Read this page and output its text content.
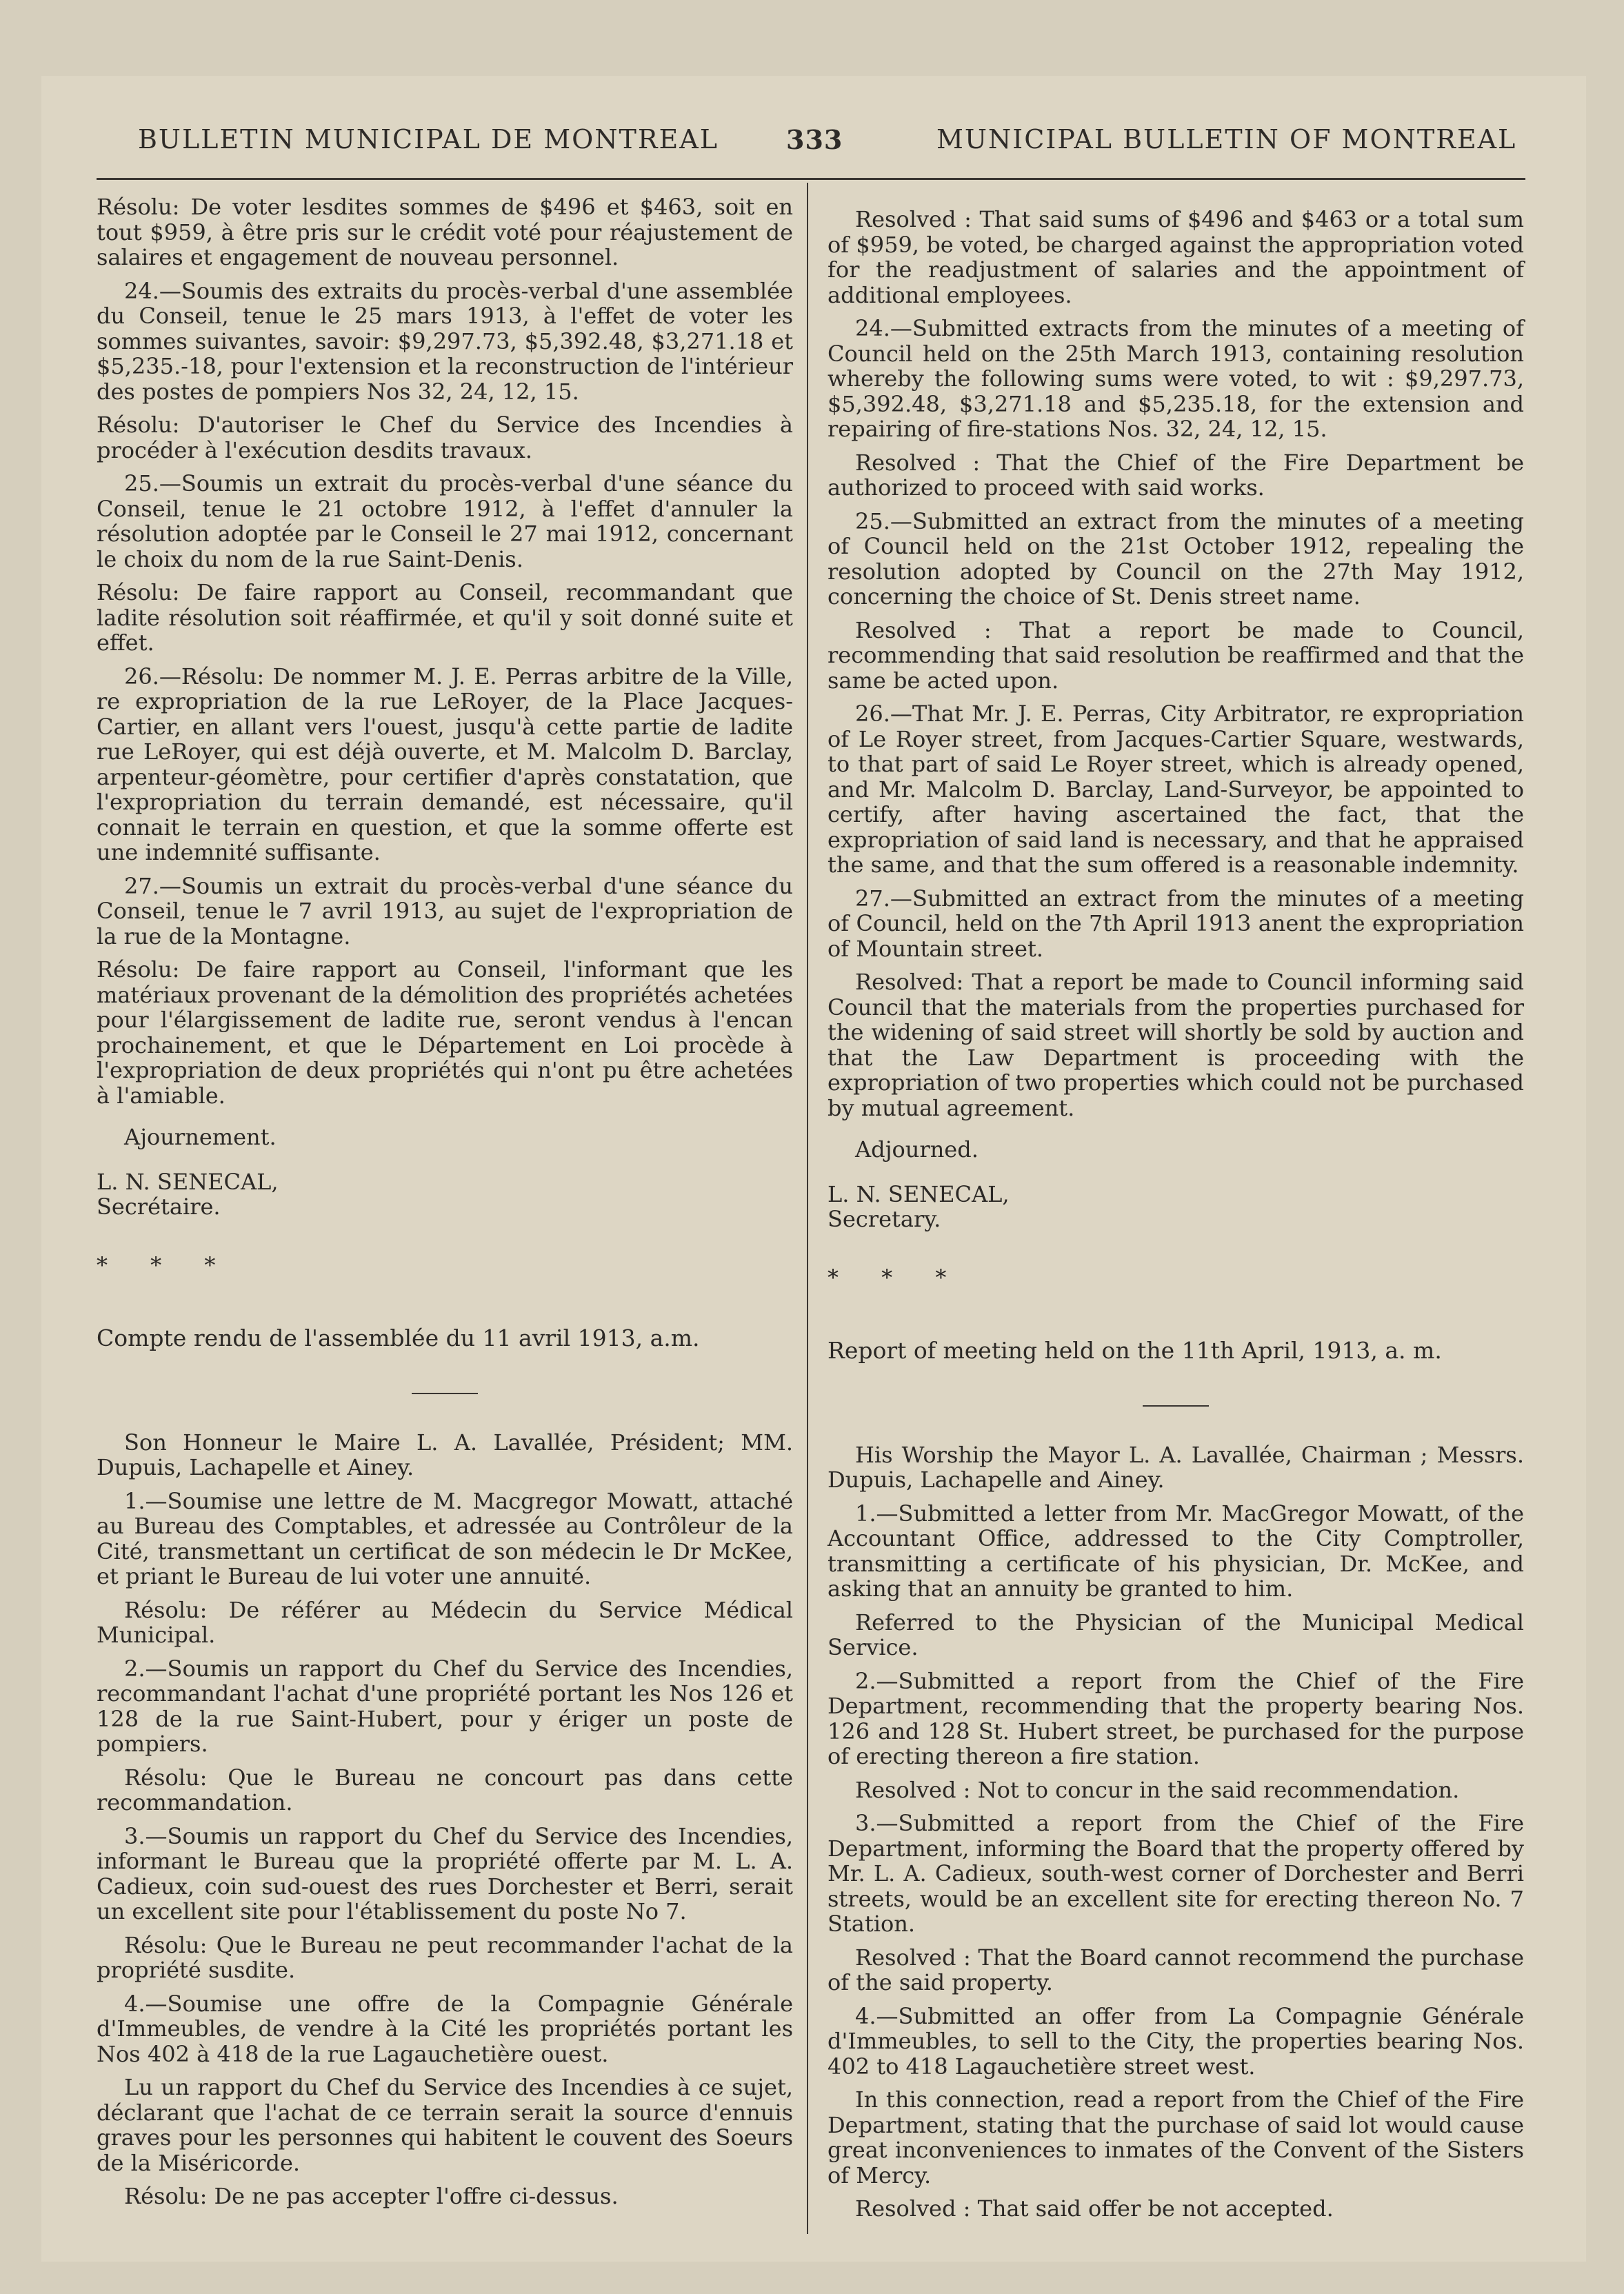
BULLETIN MUNICIPAL DE MONTREAL	333	MUNICIPAL BULLETIN OF MONTREAL

Résolu: De voter lesdites sommes de $496 et $463, soit en tout $959, à être pris sur le crédit voté pour réajustement de salaires et engagement de nouveau personnel.

24.—Soumis des extraits du procès-verbal d'une assemblée du Conseil, tenue le 25 mars 1913, à l'effet de voter les sommes suivantes, savoir: $9,297.73, $5,392.48, $3,271.18 et $5,235.-18, pour l'extension et la reconstruction de l'intérieur des postes de pompiers Nos 32, 24, 12, 15.

Résolu: D'autoriser le Chef du Service des Incendies à procéder à l'exécution desdits travaux.

25.—Soumis un extrait du procès-verbal d'une séance du Conseil, tenue le 21 octobre 1912, à l'effet d'annuler la résolution adoptée par le Conseil le 27 mai 1912, concernant le choix du nom de la rue Saint-Denis.

Résolu: De faire rapport au Conseil, recommandant que ladite résolution soit réaffirmée, et qu'il y soit donné suite et effet.

26.—Résolu: De nommer M. J. E. Perras arbitre de la Ville, re expropriation de la rue LeRoyer, de la Place Jacques-Cartier, en allant vers l'ouest, jusqu'à cette partie de ladite rue LeRoyer, qui est déjà ouverte, et M. Malcolm D. Barclay, arpenteur-géomètre, pour certifier d'après constatation, que l'expropriation du terrain demandé, est nécessaire, qu'il connait le terrain en question, et que la somme offerte est une indemnité suffisante.

27.—Soumis un extrait du procès-verbal d'une séance du Conseil, tenue le 7 avril 1913, au sujet de l'expropriation de la rue de la Montagne.

Résolu: De faire rapport au Conseil, l'informant que les matériaux provenant de la démolition des propriétés achetées pour l'élargissement de ladite rue, seront vendus à l'encan prochainement, et que le Département en Loi procède à l'expropriation de deux propriétés qui n'ont pu être achetées à l'amiable.

Ajournement.

L. N. SENECAL,

Secrétaire.

* * *

Compte rendu de l'assemblée du 11 avril 1913, a.m.

Son Honneur le Maire L. A. Lavallée, Président; MM. Dupuis, Lachapelle et Ainey.

1.—Soumise une lettre de M. Macgregor Mowatt, attaché au Bureau des Comptables, et adressée au Contrôleur de la Cité, transmettant un certificat de son médecin le Dr McKee, et priant le Bureau de lui voter une annuité.

Résolu: De référer au Médecin du Service Médical Municipal.

2.—Soumis un rapport du Chef du Service des Incendies, recommandant l'achat d'une propriété portant les Nos 126 et 128 de la rue Saint-Hubert, pour y ériger un poste de pompiers.

Résolu: Que le Bureau ne concourt pas dans cette recommandation.

3.—Soumis un rapport du Chef du Service des Incendies, informant le Bureau que la propriété offerte par M. L. A. Cadieux, coin sud-ouest des rues Dorchester et Berri, serait un excellent site pour l'établissement du poste No 7.

Résolu: Que le Bureau ne peut recommander l'achat de la propriété susdite.

4.—Soumise une offre de la Compagnie Générale d'Immeubles, de vendre à la Cité les propriétés portant les Nos 402 à 418 de la rue Lagauchetière ouest.

Lu un rapport du Chef du Service des Incendies à ce sujet, déclarant que l'achat de ce terrain serait la source d'ennuis graves pour les personnes qui habitent le couvent des Soeurs de la Miséricorde.

Résolu: De ne pas accepter l'offre ci-dessus.

Resolved : That said sums of $496 and $463 or a total sum of $959, be voted, be charged against the appropriation voted for the readjustment of salaries and the appointment of additional employees.

24.—Submitted extracts from the minutes of a meeting of Council held on the 25th March 1913, containing resolution whereby the following sums were voted, to wit : $9,297.73, $5,392.48, $3,271.18 and $5,235.18, for the extension and repairing of fire-stations Nos. 32, 24, 12, 15.

Resolved : That the Chief of the Fire Department be authorized to proceed with said works.

25.—Submitted an extract from the minutes of a meeting of Council held on the 21st October 1912, repealing the resolution adopted by Council on the 27th May 1912, concerning the choice of St. Denis street name.

Resolved : That a report be made to Council, recommending that said resolution be reaffirmed and that the same be acted upon.

26.—That Mr. J. E. Perras, City Arbitrator, re expropriation of Le Royer street, from Jacques-Cartier Square, westwards, to that part of said Le Royer street, which is already opened, and Mr. Malcolm D. Barclay, Land-Surveyor, be appointed to certify, after having ascertained the fact, that the expropriation of said land is necessary, and that he appraised the same, and that the sum offered is a reasonable indemnity.

27.—Submitted an extract from the minutes of a meeting of Council, held on the 7th April 1913 anent the expropriation of Mountain street.

Resolved: That a report be made to Council informing said Council that the materials from the properties purchased for the widening of said street will shortly be sold by auction and that the Law Department is proceeding with the expropriation of two properties which could not be purchased by mutual agreement.

Adjourned.

L. N. SENECAL,

Secretary.

* * *

Report of meeting held on the 11th April, 1913, a. m.

His Worship the Mayor L. A. Lavallée, Chairman ; Messrs. Dupuis, Lachapelle and Ainey.

1.—Submitted a letter from Mr. MacGregor Mowatt, of the Accountant Office, addressed to the City Comptroller, transmitting a certificate of his physician, Dr. McKee, and asking that an annuity be granted to him.

Referred to the Physician of the Municipal Medical Service.

2.—Submitted a report from the Chief of the Fire Department, recommending that the property bearing Nos. 126 and 128 St. Hubert street, be purchased for the purpose of erecting thereon a fire station.

Resolved : Not to concur in the said recommendation.

3.—Submitted a report from the Chief of the Fire Department, informing the Board that the property offered by Mr. L. A. Cadieux, south-west corner of Dorchester and Berri streets, would be an excellent site for erecting thereon No. 7 Station.

Resolved : That the Board cannot recommend the purchase of the said property.

4.—Submitted an offer from La Compagnie Générale d'Immeubles, to sell to the City, the properties bearing Nos. 402 to 418 Lagauchetière street west.

In this connection, read a report from the Chief of the Fire Department, stating that the purchase of said lot would cause great inconveniences to inmates of the Convent of the Sisters of Mercy.

Resolved : That said offer be not accepted.
